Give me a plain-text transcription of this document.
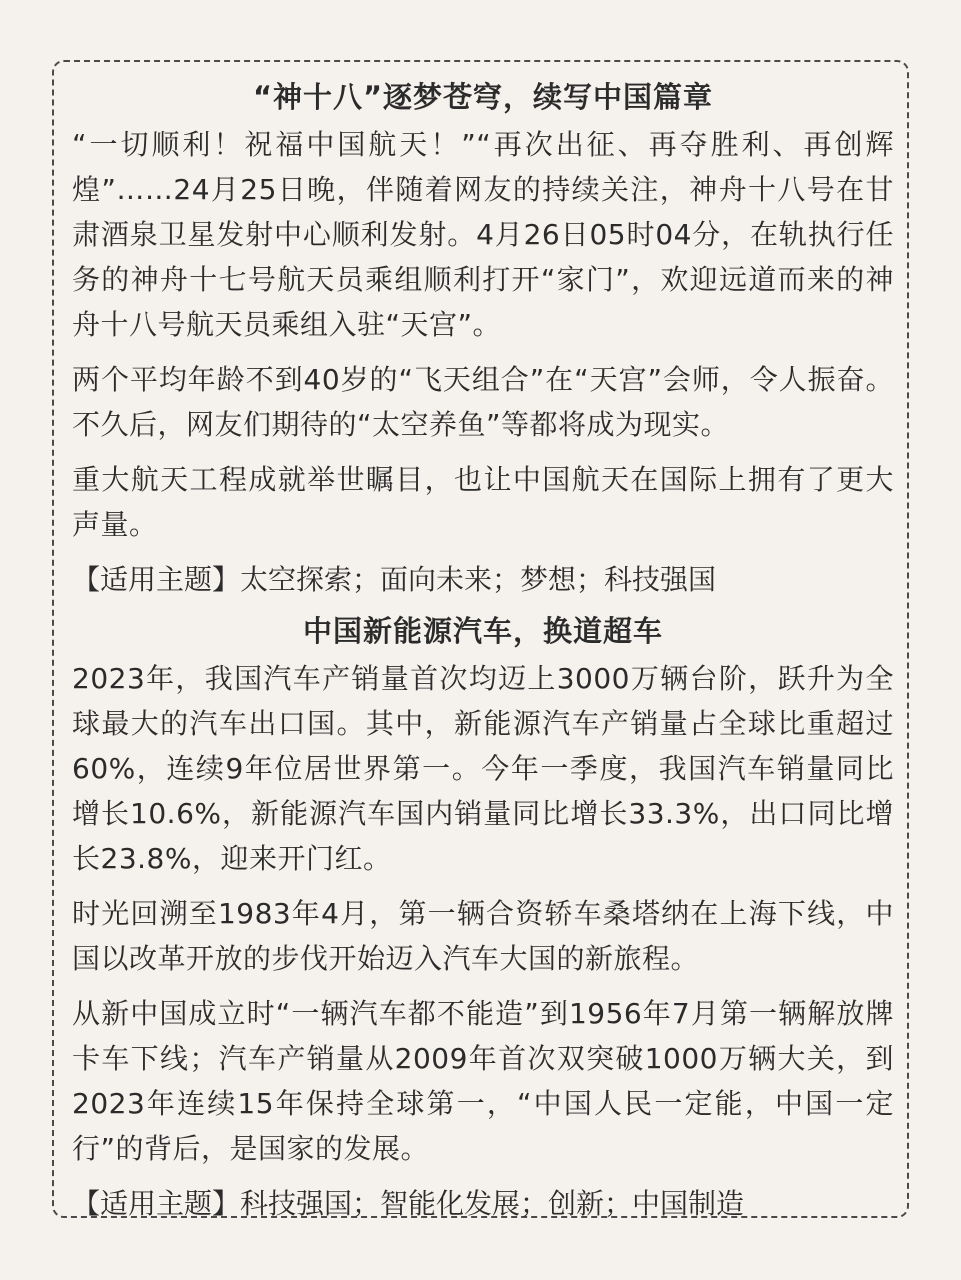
“神十八”逐梦苍穹，续写中国篇章

“一切顺利！祝福中国航天！”“再次出征、再夺胜利、再创辉煌”……24月25日晚，伴随着网友的持续关注，神舟十八号在甘肃酒泉卫星发射中心顺利发射。4月26日05时04分，在轨执行任务的神舟十七号航天员乘组顺利打开“家门”，欢迎远道而来的神舟十八号航天员乘组入驻“天宫”。

两个平均年龄不到40岁的“飞天组合”在“天宫”会师，令人振奋。不久后，网友们期待的“太空养鱼”等都将成为现实。

重大航天工程成就举世瞩目，也让中国航天在国际上拥有了更大声量。

【适用主题】太空探索；面向未来；梦想；科技强国

中国新能源汽车，换道超车

2023年，我国汽车产销量首次均迈上3000万辆台阶，跃升为全球最大的汽车出口国。其中，新能源汽车产销量占全球比重超过60%，连续9年位居世界第一。今年一季度，我国汽车销量同比增长10.6%，新能源汽车国内销量同比增长33.3%，出口同比增长23.8%，迎来开门红。

时光回溯至1983年4月，第一辆合资轿车桑塔纳在上海下线，中国以改革开放的步伐开始迈入汽车大国的新旅程。

从新中国成立时“一辆汽车都不能造”到1956年7月第一辆解放牌卡车下线；汽车产销量从2009年首次双突破1000万辆大关，到2023年连续15年保持全球第一，“中国人民一定能，中国一定行”的背后，是国家的发展。

【适用主题】科技强国；智能化发展；创新；中国制造
